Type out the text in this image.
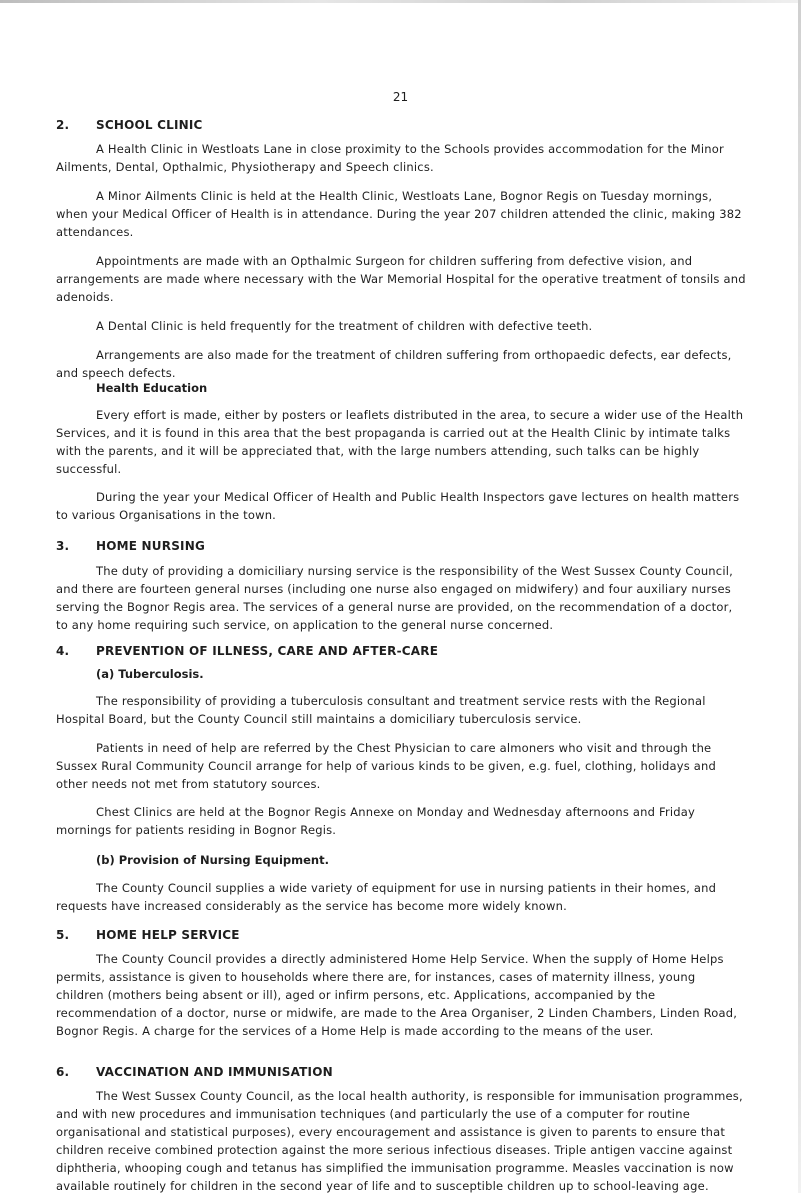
21
2. SCHOOL CLINIC

A Health Clinic in Westloats Lane in close proximity to the Schools provides accommodation for the Minor Ailments, Dental, Opthalmic, Physiotherapy and Speech clinics.

A Minor Ailments Clinic is held at the Health Clinic, Westloats Lane, Bognor Regis on Tuesday mornings, when your Medical Officer of Health is in attendance. During the year 207 children attended the clinic, making 382 attendances.

Appointments are made with an Opthalmic Surgeon for children suffering from defective vision, and arrangements are made where necessary with the War Memorial Hospital for the operative treatment of tonsils and adenoids.

A Dental Clinic is held frequently for the treatment of children with defective teeth.

Arrangements are also made for the treatment of children suffering from orthopaedic defects, ear defects, and speech defects.

Health Education

Every effort is made, either by posters or leaflets distributed in the area, to secure a wider use of the Health Services, and it is found in this area that the best propaganda is carried out at the Health Clinic by intimate talks with the parents, and it will be appreciated that, with the large numbers attending, such talks can be highly successful.

During the year your Medical Officer of Health and Public Health Inspectors gave lectures on health matters to various Organisations in the town.

3. HOME NURSING

The duty of providing a domiciliary nursing service is the responsibility of the West Sussex County Council, and there are fourteen general nurses (including one nurse also engaged on midwifery) and four auxiliary nurses serving the Bognor Regis area. The services of a general nurse are provided, on the recommendation of a doctor, to any home requiring such service, on application to the general nurse concerned.

4. PREVENTION OF ILLNESS, CARE AND AFTER-CARE
(a) Tuberculosis.

The responsibility of providing a tuberculosis consultant and treatment service rests with the Regional Hospital Board, but the County Council still maintains a domiciliary tuberculosis service.

Patients in need of help are referred by the Chest Physician to care almoners who visit and through the Sussex Rural Community Council arrange for help of various kinds to be given, e.g. fuel, clothing, holidays and other needs not met from statutory sources.

Chest Clinics are held at the Bognor Regis Annexe on Monday and Wednesday afternoons and Friday mornings for patients residing in Bognor Regis.

(b) Provision of Nursing Equipment.

The County Council supplies a wide variety of equipment for use in nursing patients in their homes, and requests have increased considerably as the service has become more widely known.

5. HOME HELP SERVICE

The County Council provides a directly administered Home Help Service. When the supply of Home Helps permits, assistance is given to households where there are, for instances, cases of maternity illness, young children (mothers being absent or ill), aged or infirm persons, etc. Applications, accompanied by the recommendation of a doctor, nurse or midwife, are made to the Area Organiser, 2 Linden Chambers, Linden Road, Bognor Regis. A charge for the services of a Home Help is made according to the means of the user.

6. VACCINATION AND IMMUNISATION

The West Sussex County Council, as the local health authority, is responsible for immunisation programmes, and with new procedures and immunisation techniques (and particularly the use of a computer for routine organisational and statistical purposes), every encouragement and assistance is given to parents to ensure that children receive combined protection against the more serious infectious diseases. Triple antigen vaccine against diphtheria, whooping cough and tetanus has simplified the immunisation programme. Measles vaccination is now available routinely for children in the second year of life and to susceptible children up to school-leaving age.
